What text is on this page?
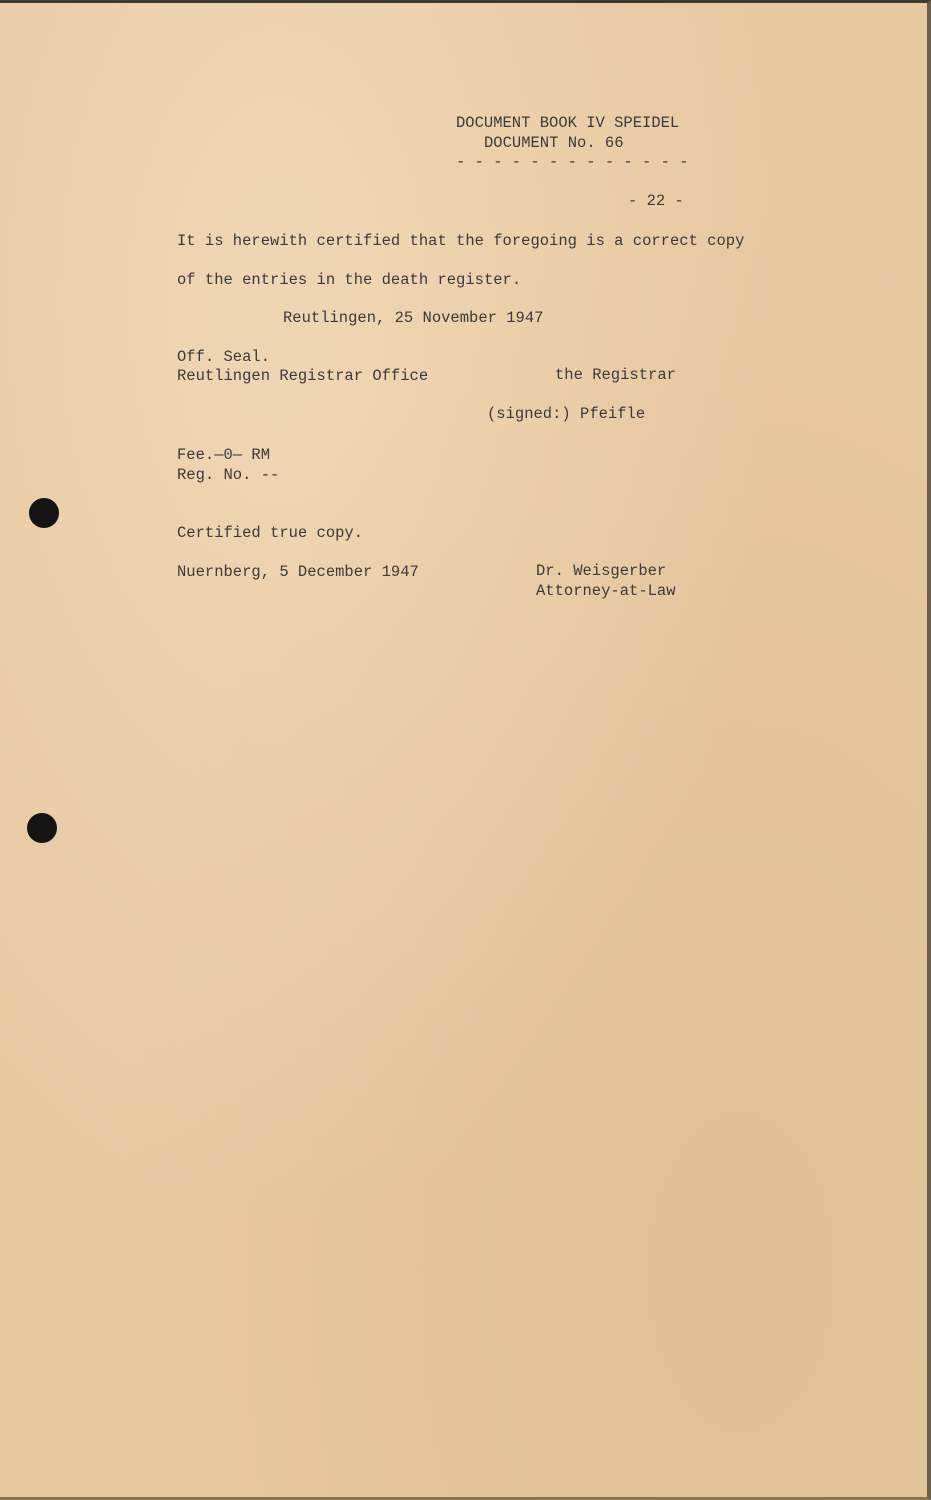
DOCUMENT BOOK IV SPEIDEL
DOCUMENT No. 66
- - - - - - - - - - - - -
- 22 -
It is herewith certified that the foregoing is a correct copy
of the entries in the death register.
Reutlingen, 25 November 1947
Off. Seal.
Reutlingen Registrar Office	the Registrar
(signed:) Pfeifle
Fee.—0— RM
Reg. No. --
Certified true copy.
Nuernberg, 5 December 1947	Dr. Weisgerber
Attorney-at-Law
